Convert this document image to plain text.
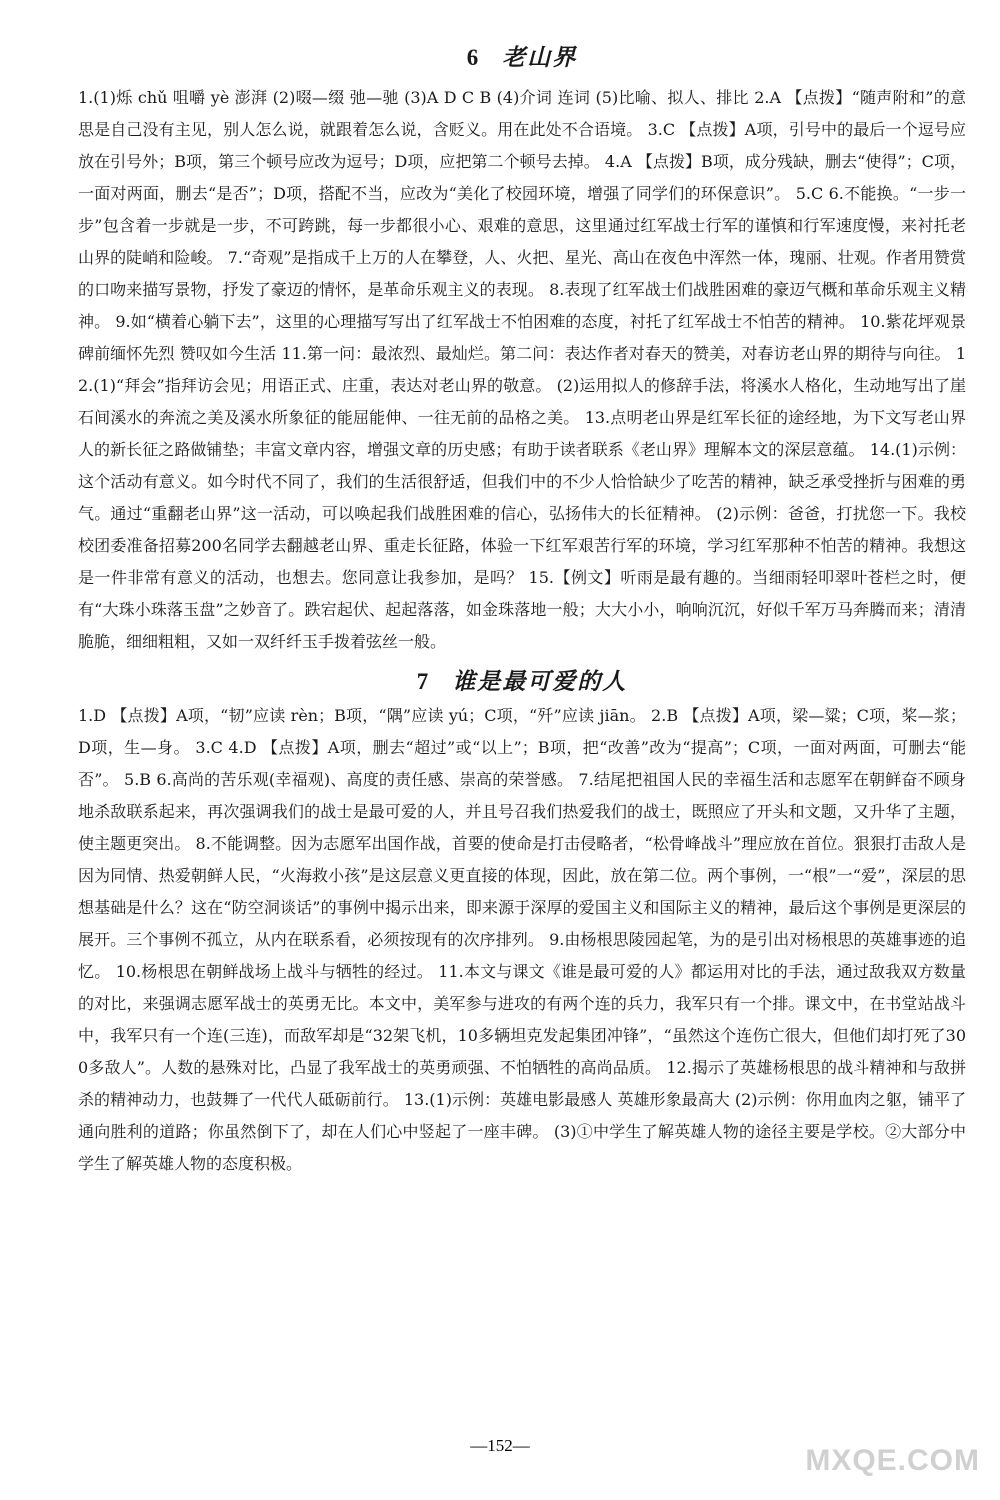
6 老山界

1.(1)烁 chǔ 咀嚼 yè 澎湃 (2)啜—缀 弛—驰 (3)A D C B (4)介词 连词 (5)比喻、拟人、排比 2.A 【点拨】“随声附和”的意思是自己没有主见，别人怎么说，就跟着怎么说，含贬义。用在此处不合语境。 3.C 【点拨】A项，引号中的最后一个逗号应放在引号外；B项，第三个顿号应改为逗号；D项，应把第二个顿号去掉。 4.A 【点拨】B项，成分残缺，删去“使得”；C项，一面对两面，删去“是否”；D项，搭配不当，应改为“美化了校园环境，增强了同学们的环保意识”。 5.C 6.不能换。“一步一步”包含着一步就是一步，不可跨跳，每一步都很小心、艰难的意思，这里通过红军战士行军的谨慎和行军速度慢，来衬托老山界的陡峭和险峻。 7.“奇观”是指成千上万的人在攀登，人、火把、星光、高山在夜色中浑然一体，瑰丽、壮观。作者用赞赏的口吻来描写景物，抒发了豪迈的情怀，是革命乐观主义的表现。 8.表现了红军战士们战胜困难的豪迈气概和革命乐观主义精神。 9.如“横着心躺下去”，这里的心理描写写出了红军战士不怕困难的态度，衬托了红军战士不怕苦的精神。 10.紫花坪观景 碑前缅怀先烈 赞叹如今生活 11.第一问：最浓烈、最灿烂。第二问：表达作者对春天的赞美，对春访老山界的期待与向往。 12.(1)“拜会”指拜访会见；用语正式、庄重，表达对老山界的敬意。 (2)运用拟人的修辞手法，将溪水人格化，生动地写出了崖石间溪水的奔流之美及溪水所象征的能屈能伸、一往无前的品格之美。 13.点明老山界是红军长征的途经地，为下文写老山界人的新长征之路做铺垫；丰富文章内容，增强文章的历史感；有助于读者联系《老山界》理解本文的深层意蕴。 14.(1)示例：这个活动有意义。如今时代不同了，我们的生活很舒适，但我们中的不少人恰恰缺少了吃苦的精神，缺乏承受挫折与困难的勇气。通过“重翻老山界”这一活动，可以唤起我们战胜困难的信心，弘扬伟大的长征精神。 (2)示例：爸爸，打扰您一下。我校校团委准备招募200名同学去翻越老山界、重走长征路，体验一下红军艰苦行军的环境，学习红军那种不怕苦的精神。我想这是一件非常有意义的活动，也想去。您同意让我参加，是吗？ 15.【例文】听雨是最有趣的。当细雨轻叩翠叶苍栏之时，便有“大珠小珠落玉盘”之妙音了。跌宕起伏、起起落落，如金珠落地一般；大大小小，响响沉沉，好似千军万马奔腾而来；清清脆脆，细细粗粗，又如一双纤纤玉手拨着弦丝一般。

7 谁是最可爱的人

1.D 【点拨】A项，“韧”应读 rèn；B项，“隅”应读 yú；C项，“歼”应读 jiān。 2.B 【点拨】A项，梁—粱；C项，桨—浆；D项，生—身。 3.C 4.D 【点拨】A项，删去“超过”或“以上”；B项，把“改善”改为“提高”；C项，一面对两面，可删去“能否”。 5.B 6.高尚的苦乐观(幸福观)、高度的责任感、崇高的荣誉感。 7.结尾把祖国人民的幸福生活和志愿军在朝鲜奋不顾身地杀敌联系起来，再次强调我们的战士是最可爱的人，并且号召我们热爱我们的战士，既照应了开头和文题，又升华了主题，使主题更突出。 8.不能调整。因为志愿军出国作战，首要的使命是打击侵略者，“松骨峰战斗”理应放在首位。狠狠打击敌人是因为同情、热爱朝鲜人民，“火海救小孩”是这层意义更直接的体现，因此，放在第二位。两个事例，一“根”一“爱”，深层的思想基础是什么？这在“防空洞谈话”的事例中揭示出来，即来源于深厚的爱国主义和国际主义的精神，最后这个事例是更深层的展开。三个事例不孤立，从内在联系看，必须按现有的次序排列。 9.由杨根思陵园起笔，为的是引出对杨根思的英雄事迹的追忆。 10.杨根思在朝鲜战场上战斗与牺牲的经过。 11.本文与课文《谁是最可爱的人》都运用对比的手法，通过敌我双方数量的对比，来强调志愿军战士的英勇无比。本文中，美军参与进攻的有两个连的兵力，我军只有一个排。课文中，在书堂站战斗中，我军只有一个连(三连)，而敌军却是“32架飞机，10多辆坦克发起集团冲锋”，“虽然这个连伤亡很大，但他们却打死了300多敌人”。人数的悬殊对比，凸显了我军战士的英勇顽强、不怕牺牲的高尚品质。 12.揭示了英雄杨根思的战斗精神和与敌拼杀的精神动力，也鼓舞了一代代人砥砺前行。 13.(1)示例：英雄电影最感人 英雄形象最高大 (2)示例：你用血肉之躯，铺平了通向胜利的道路；你虽然倒下了，却在人们心中竖起了一座丰碑。 (3)①中学生了解英雄人物的途径主要是学校。②大部分中学生了解英雄人物的态度积极。

—152—	MXQE.COM
